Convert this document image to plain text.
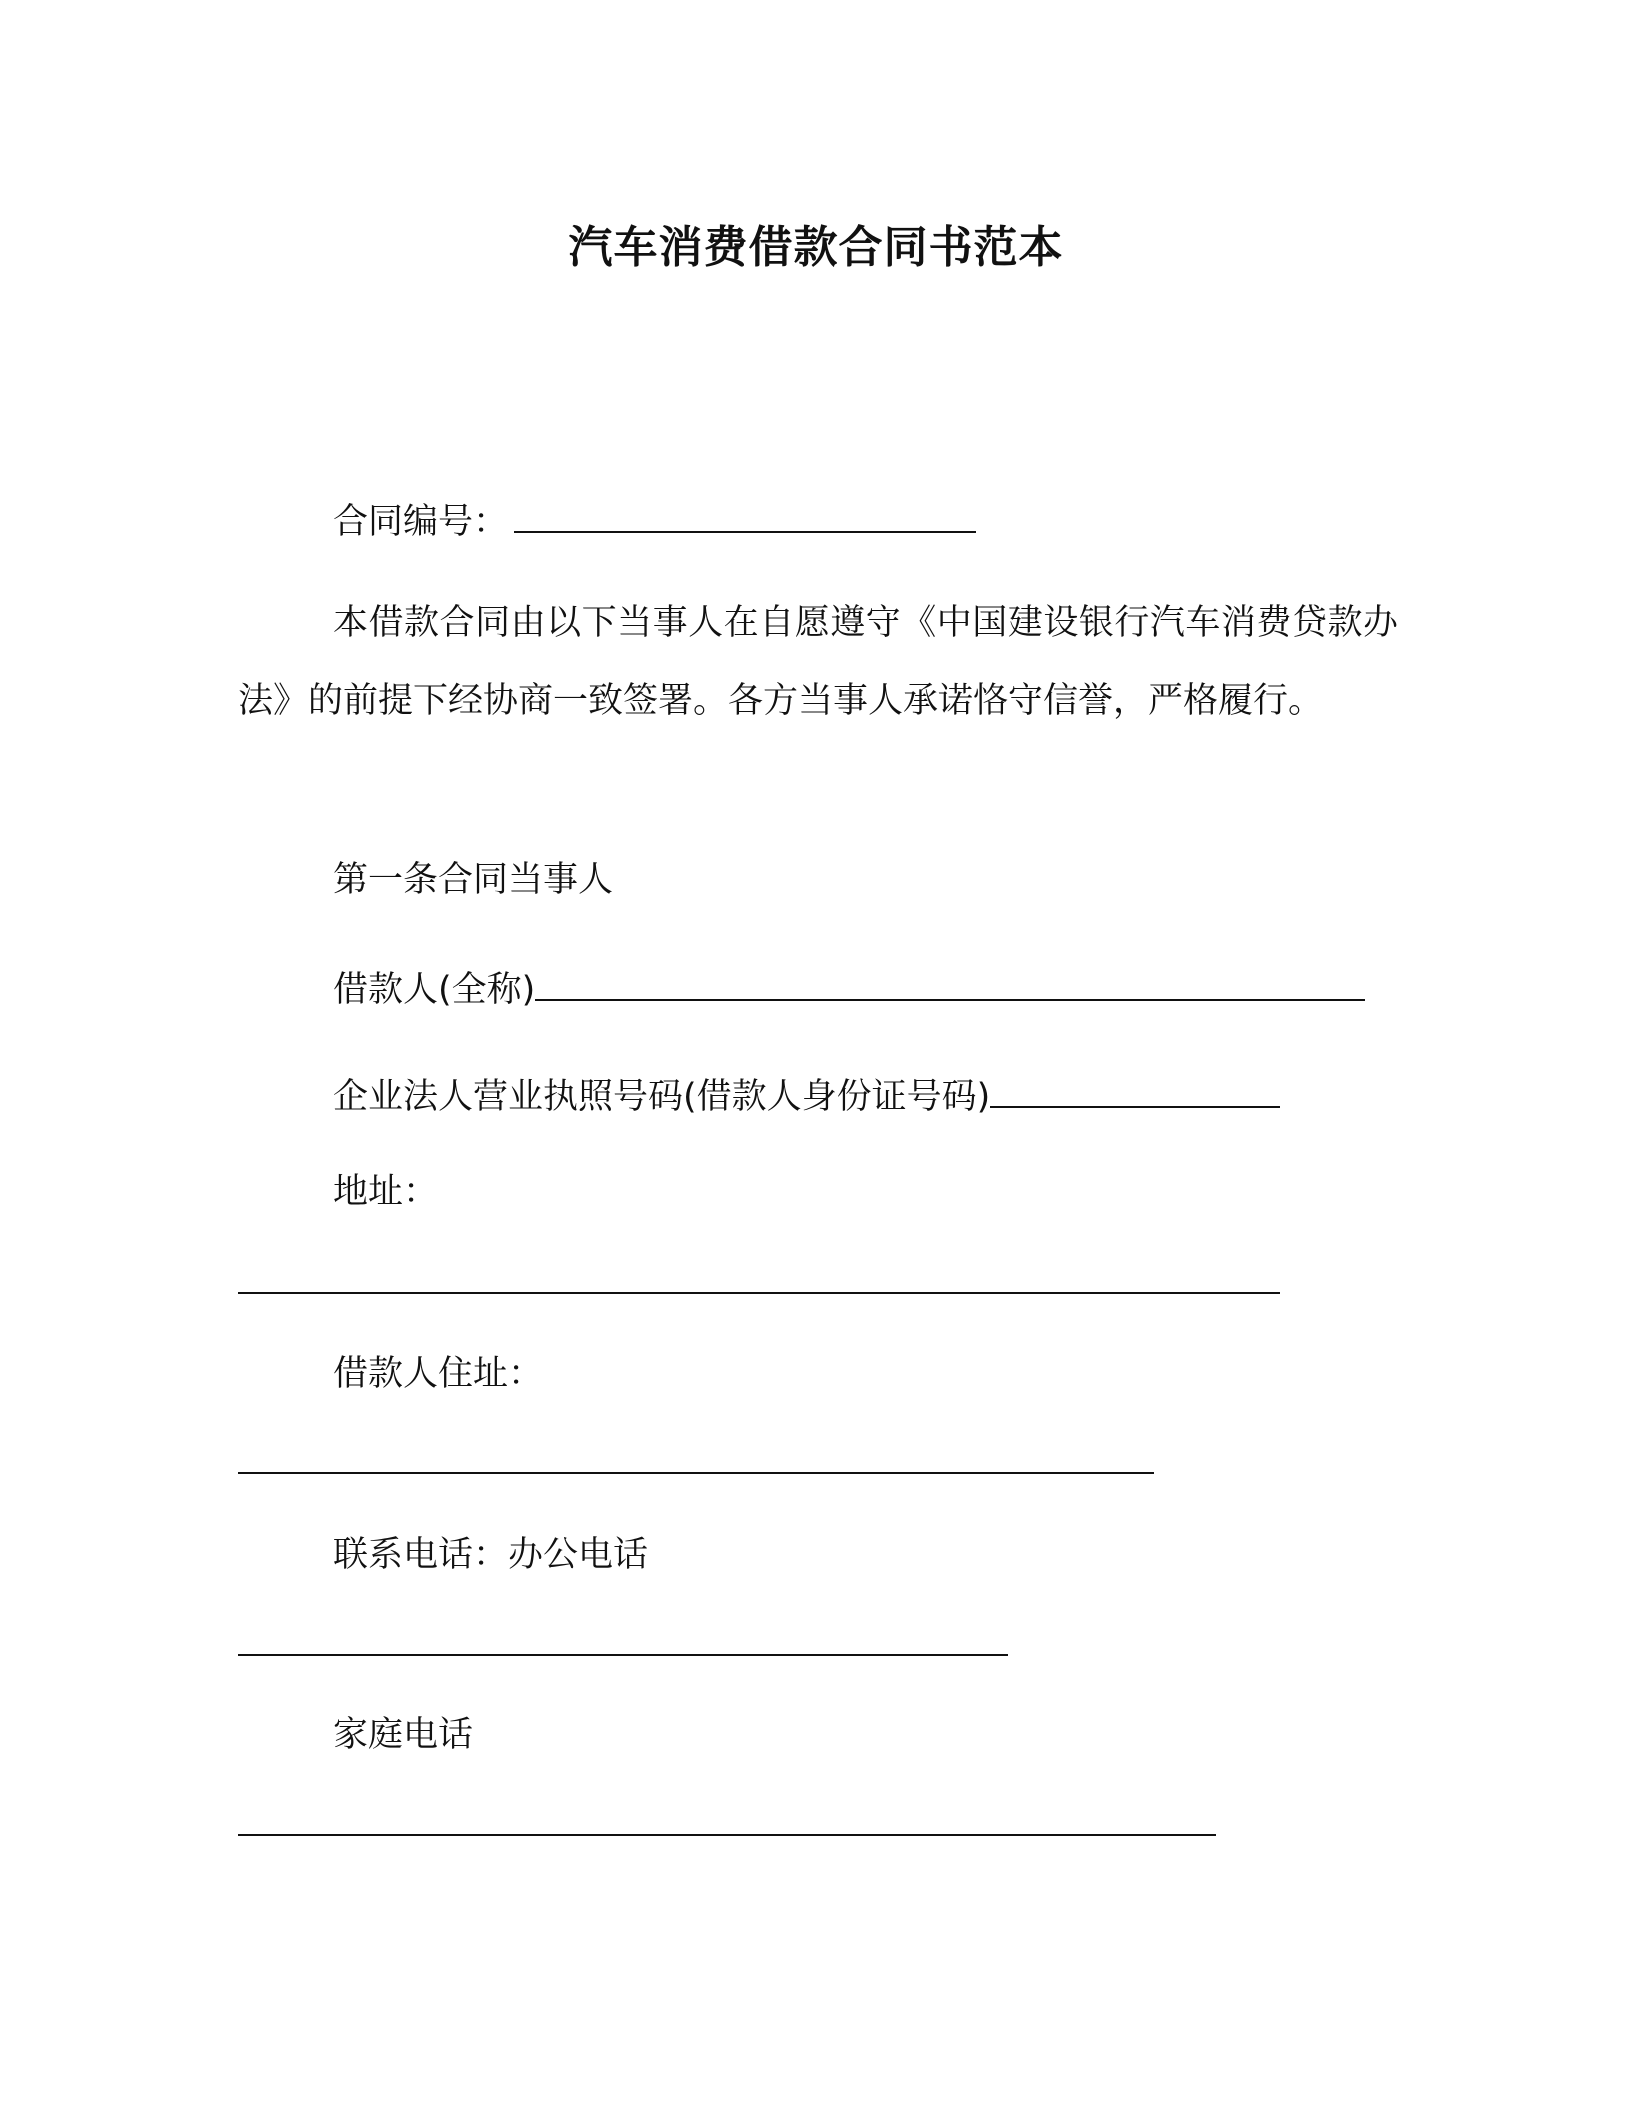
汽车消费借款合同书范本
合同编号：
本借款合同由以下当事人在自愿遵守《中国建设银行汽车消费贷款办法》的前提下经协商一致签署。各方当事人承诺恪守信誉，严格履行。
第一条合同当事人
借款人(全称)
企业法人营业执照号码(借款人身份证号码)
地址：
借款人住址：
联系电话：办公电话
家庭电话
